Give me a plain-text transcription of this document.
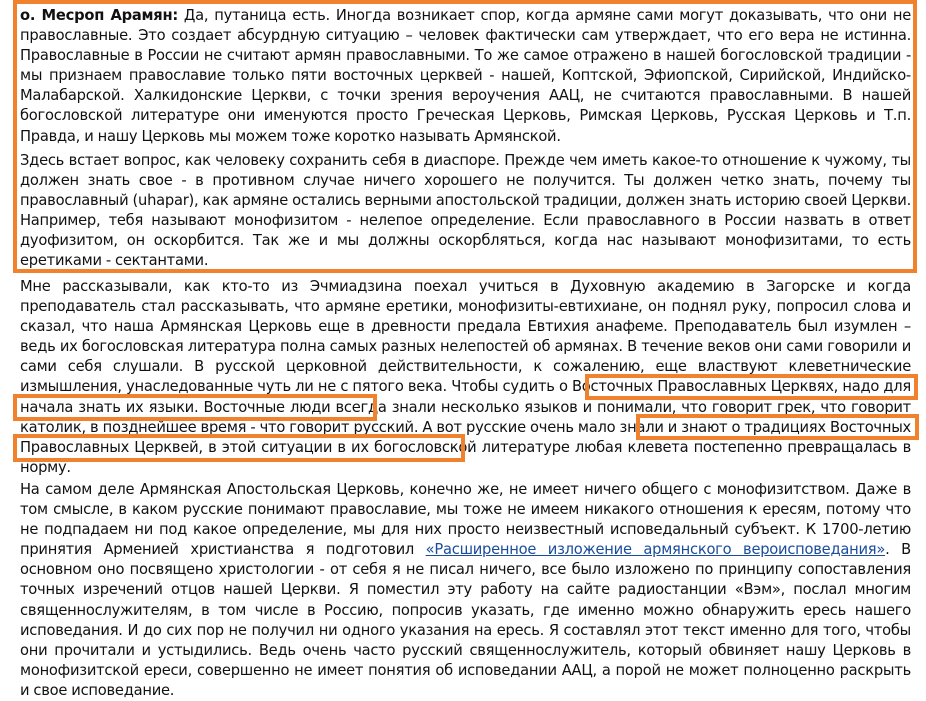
о. Месроп Арамян: Да, путаница есть. Иногда возникает спор, когда армяне сами могут доказывать, что они не православные. Это создает абсурдную ситуацию – человек фактически сам утверждает, что его вера не истинна. Православные в России не считают армян православными. То же самое отражено в нашей богословской традиции - мы признаем православие только пяти восточных церквей - нашей, Коптской, Эфиопской, Сирийской, Индийско-Малабарской. Халкидонские Церкви, с точки зрения вероучения ААЦ, не считаются православными. В нашей богословской литературе они именуются просто Греческая Церковь, Римская Церковь, Русская Церковь и Т.п. Правда, и нашу Церковь мы можем тоже коротко называть Армянской.

Здесь встает вопрос, как человеку сохранить себя в диаспоре. Прежде чем иметь какое-то отношение к чужому, ты должен знать свое - в противном случае ничего хорошего не получится. Ты должен четко знать, почему ты православный (uhapar), как армяне остались верными апостольской традиции, должен знать историю своей Церкви. Например, тебя называют монофизитом - нелепое определение. Если православного в России назвать в ответ дуофизитом, он оскорбится. Так же и мы должны оскорбляться, когда нас называют монофизитами, то есть еретиками - сектантами.

Мне рассказывали, как кто-то из Эчмиадзина поехал учиться в Духовную академию в Загорске и когда преподаватель стал рассказывать, что армяне еретики, монофизиты-евтихиане, он поднял руку, попросил слова и сказал, что наша Армянская Церковь еще в древности предала Евтихия анафеме. Преподаватель был изумлен – ведь их богословская литература полна самых разных нелепостей об армянах. В течение веков они сами говорили и сами себя слушали. В русской церковной действительности, к сожалению, еще властвуют клеветнические измышления, унаследованные чуть ли не с пятого века. Чтобы судить о Восточных Православных Церквях, надо для начала знать их языки. Восточные люди всегда знали несколько языков и понимали, что говорит грек, что говорит католик, в позднейшее время - что говорит русский. А вот русские очень мало знали и знают о традициях Восточных Православных Церквей, в этой ситуации в их богословской литературе любая клевета постепенно превращалась в норму.

На самом деле Армянская Апостольская Церковь, конечно же, не имеет ничего общего с монофизитством. Даже в том смысле, в каком русские понимают православие, мы тоже не имеем никакого отношения к ересям, потому что не подпадаем ни под какое определение, мы для них просто неизвестный исповедальный субъект. К 1700-летию принятия Арменией христианства я подготовил «Расширенное изложение армянского вероисповедания». В основном оно посвящено христологии - от себя я не писал ничего, все было изложено по принципу сопоставления точных изречений отцов нашей Церкви. Я поместил эту работу на сайте радиостанции «Вэм», послал многим священнослужителям, в том числе в Россию, попросив указать, где именно можно обнаружить ересь нашего исповедания. И до сих пор не получил ни одного указания на ересь. Я составлял этот текст именно для того, чтобы они прочитали и устыдились. Ведь очень часто русский священнослужитель, который обвиняет нашу Церковь в монофизитской ереси, совершенно не имеет понятия об исповедании ААЦ, а порой не может полноценно раскрыть и свое исповедание.
